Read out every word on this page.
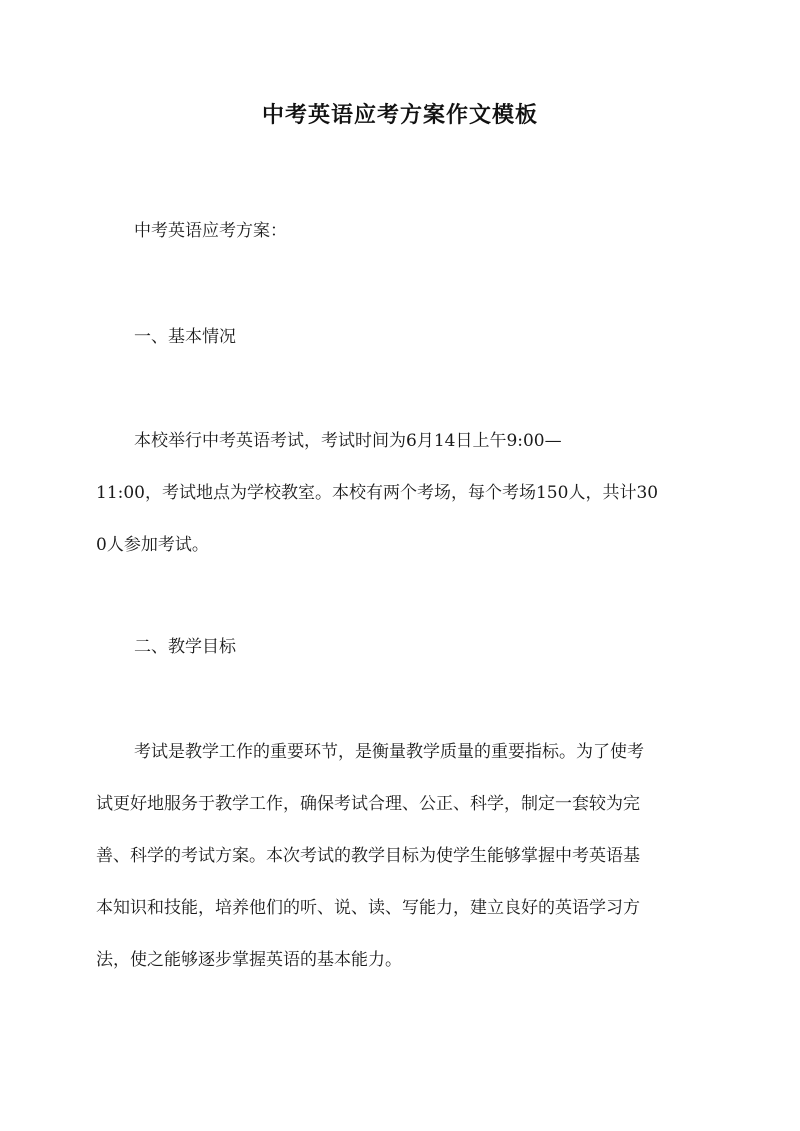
中考英语应考方案作文模板

中考英语应考方案：

一、基本情况

本校举行中考英语考试，考试时间为6月14日上午9:00—
11:00，考试地点为学校教室。本校有两个考场，每个考场150人，共计30
0人参加考试。

二、教学目标

考试是教学工作的重要环节，是衡量教学质量的重要指标。为了使考
试更好地服务于教学工作，确保考试合理、公正、科学，制定一套较为完
善、科学的考试方案。本次考试的教学目标为使学生能够掌握中考英语基
本知识和技能，培养他们的听、说、读、写能力，建立良好的英语学习方
法，使之能够逐步掌握英语的基本能力。
